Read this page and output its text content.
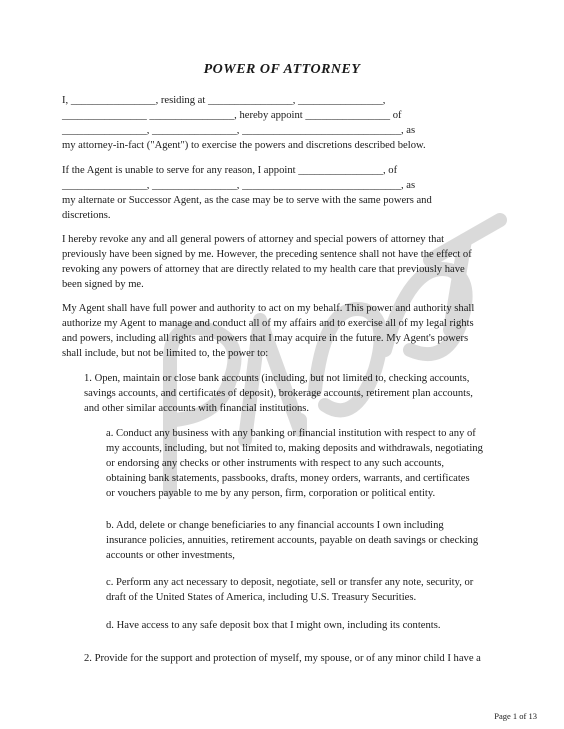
POWER OF ATTORNEY
I, ________________, residing at ________________, ________________,
________________ ________________, hereby appoint ________________ of
________________, ________________, ______________________________, as
my attorney-in-fact ("Agent") to exercise the powers and discretions described below.
If the Agent is unable to serve for any reason, I appoint ________________, of
________________, ________________, ______________________________, as
my alternate or Successor Agent, as the case may be to serve with the same powers and
discretions.
I hereby revoke any and all general powers of attorney and special powers of attorney that
previously have been signed by me. However, the preceding sentence shall not have the effect of
revoking any powers of attorney that are directly related to my health care that previously have
been signed by me.
My Agent shall have full power and authority to act on my behalf. This power and authority shall
authorize my Agent to manage and conduct all of my affairs and to exercise all of my legal rights
and powers, including all rights and powers that I may acquire in the future. My Agent's powers
shall include, but not be limited to, the power to:
1. Open, maintain or close bank accounts (including, but not limited to, checking accounts,
savings accounts, and certificates of deposit), brokerage accounts, retirement plan accounts,
and other similar accounts with financial institutions.
a. Conduct any business with any banking or financial institution with respect to any of
my accounts, including, but not limited to, making deposits and withdrawals, negotiating
or endorsing any checks or other instruments with respect to any such accounts,
obtaining bank statements, passbooks, drafts, money orders, warrants, and certificates
or vouchers payable to me by any person, firm, corporation or political entity.
b. Add, delete or change beneficiaries to any financial accounts I own including
insurance policies, annuities, retirement accounts, payable on death savings or checking
accounts or other investments,
c. Perform any act necessary to deposit, negotiate, sell or transfer any note, security, or
draft of the United States of America, including U.S. Treasury Securities.
d. Have access to any safe deposit box that I might own, including its contents.
2. Provide for the support and protection of myself, my spouse, or of any minor child I have a
Page 1 of 13
